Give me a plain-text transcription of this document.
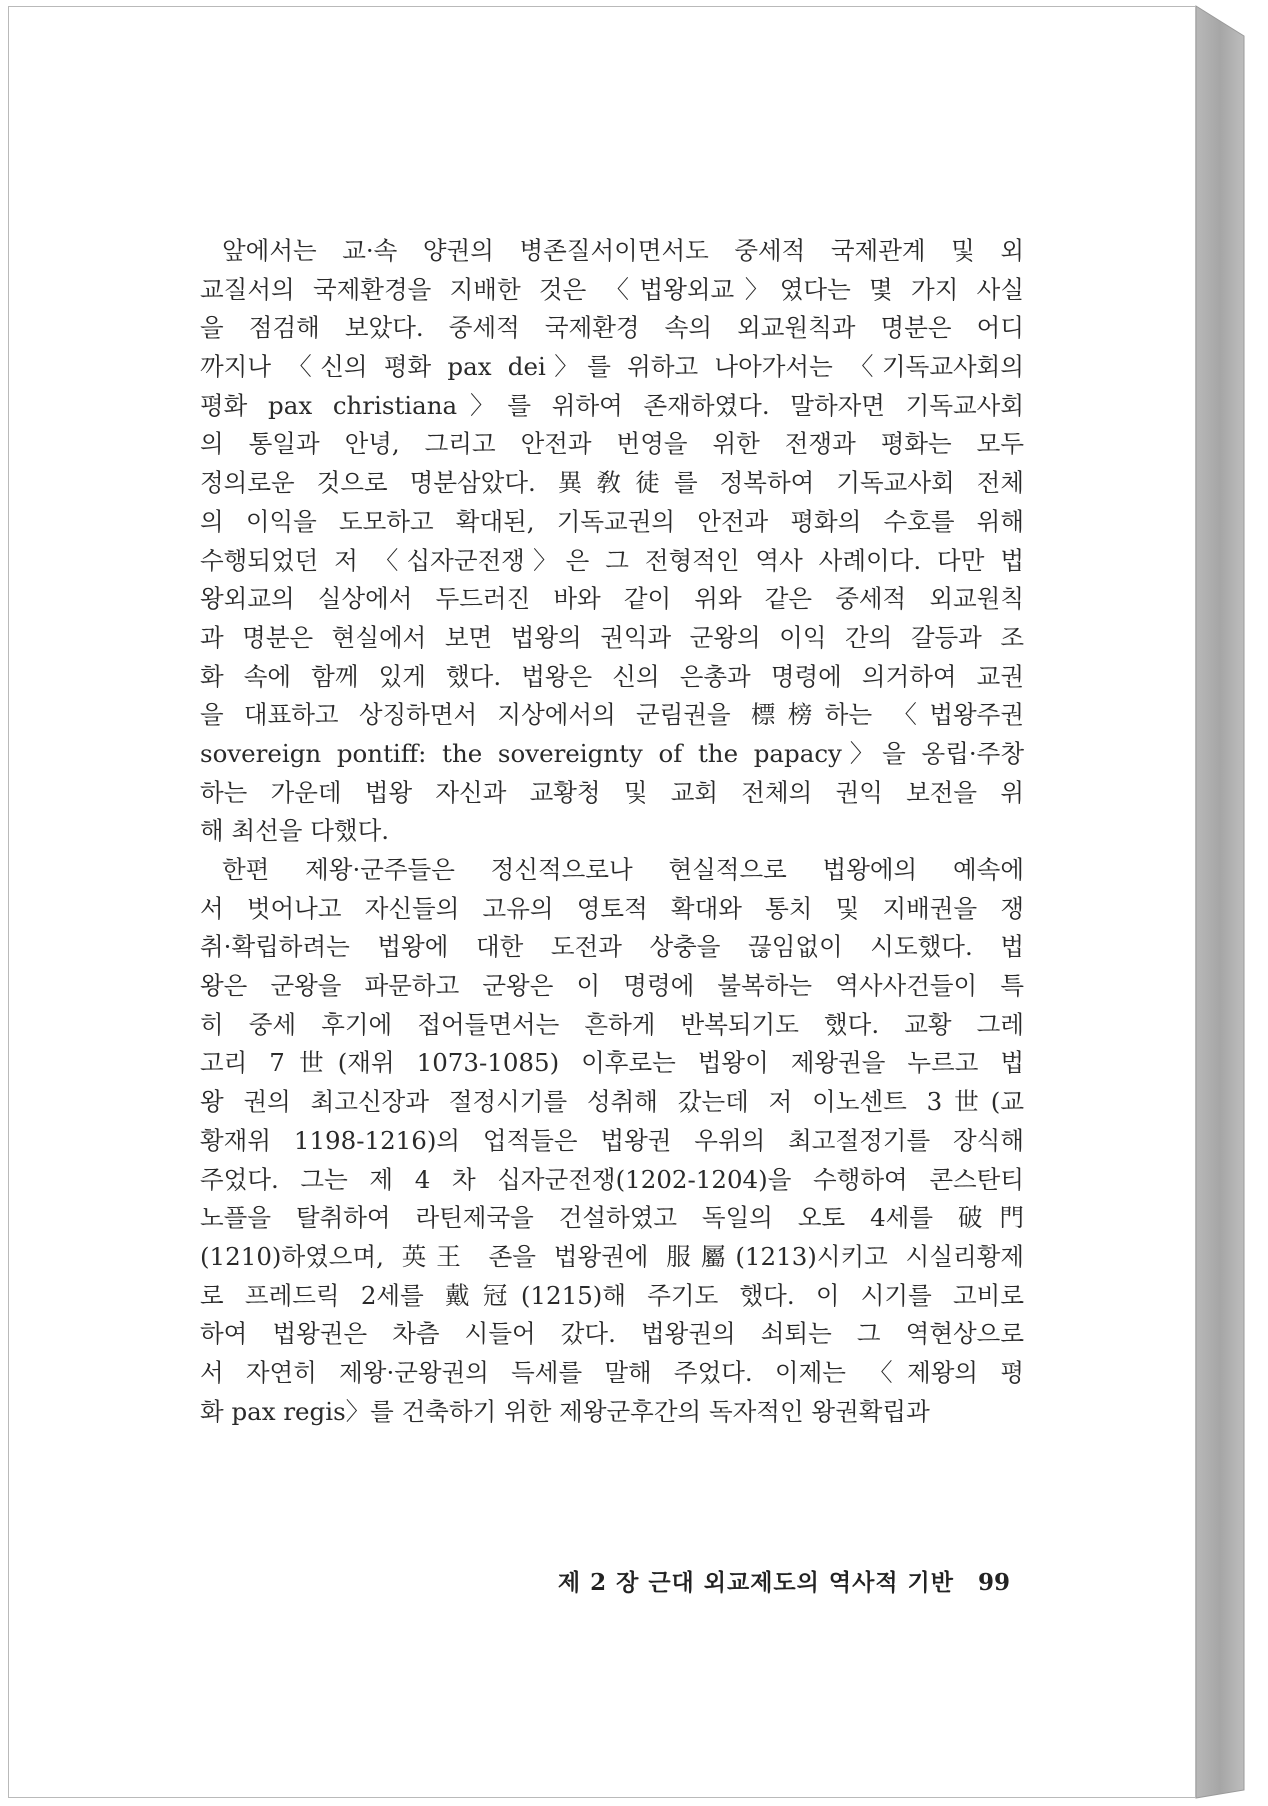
앞에서는 교·속 양권의 병존질서이면서도 중세적 국제관계 및 외
교질서의 국제환경을 지배한 것은 〈법왕외교〉였다는 몇 가지 사실
을 점검해 보았다. 중세적 국제환경 속의 외교원칙과 명분은 어디
까지나 〈신의 평화 pax dei〉를 위하고 나아가서는 〈기독교사회의
평화 pax christiana〉를 위하여 존재하였다. 말하자면 기독교사회
의 통일과 안녕, 그리고 안전과 번영을 위한 전쟁과 평화는 모두
정의로운 것으로 명분삼았다. 異敎徒를 정복하여 기독교사회 전체
의 이익을 도모하고 확대된, 기독교권의 안전과 평화의 수호를 위해
수행되었던 저 〈십자군전쟁〉은 그 전형적인 역사 사례이다. 다만 법
왕외교의 실상에서 두드러진 바와 같이 위와 같은 중세적 외교원칙
과 명분은 현실에서 보면 법왕의 권익과 군왕의 이익 간의 갈등과 조
화 속에 함께 있게 했다. 법왕은 신의 은총과 명령에 의거하여 교권
을 대표하고 상징하면서 지상에서의 군림권을 標榜하는 〈법왕주권
sovereign pontiff: the sovereignty of the papacy〉을 옹립·주창
하는 가운데 법왕 자신과 교황청 및 교회 전체의 권익 보전을 위
해 최선을 다했다.
한편 제왕·군주들은 정신적으로나 현실적으로 법왕에의 예속에
서 벗어나고 자신들의 고유의 영토적 확대와 통치 및 지배권을 쟁
취·확립하려는 법왕에 대한 도전과 상충을 끊임없이 시도했다. 법
왕은 군왕을 파문하고 군왕은 이 명령에 불복하는 역사사건들이 특
히 중세 후기에 접어들면서는 흔하게 반복되기도 했다. 교황 그레
고리 7世(재위 1073-1085) 이후로는 법왕이 제왕권을 누르고 법
왕 권의 최고신장과 절정시기를 성취해 갔는데 저 이노센트 3世(교
황재위 1198-1216)의 업적들은 법왕권 우위의 최고절정기를 장식해
주었다. 그는 제 4 차 십자군전쟁(1202-1204)을 수행하여 콘스탄티
노플을 탈취하여 라틴제국을 건설하였고 독일의 오토 4세를 破門
(1210)하였으며, 英王 존을 법왕권에 服屬(1213)시키고 시실리황제
로 프레드릭 2세를 戴冠(1215)해 주기도 했다. 이 시기를 고비로
하여 법왕권은 차츰 시들어 갔다. 법왕권의 쇠퇴는 그 역현상으로
서 자연히 제왕·군왕권의 득세를 말해 주었다. 이제는 〈제왕의 평
화 pax regis〉를 건축하기 위한 제왕군후간의 독자적인 왕권확립과
제 2 장 근대 외교제도의 역사적 기반 99
